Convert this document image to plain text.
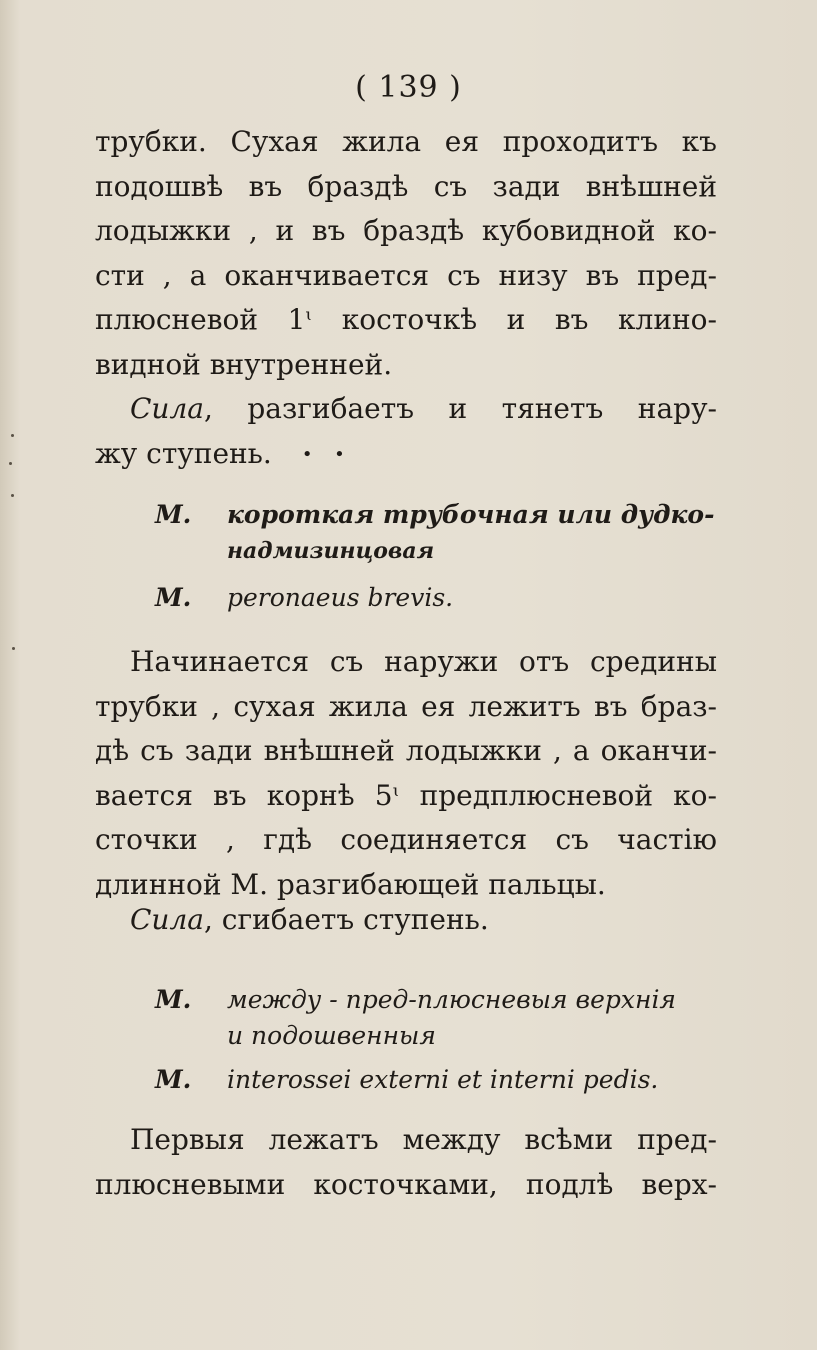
( 139 )
трубки. Сухая жила ея проходитъ къ
подошвѣ въ браздѣ съ зади внѣшней
лодыжки , и въ браздѣ кубовидной ко-
сти , а оканчивается съ низу въ пред-
плюсневой 1ᶥ косточкѣ и въ клино-
видной внутренней.
Сила, разгибаетъ и тянетъ нару-
жу ступень. • •
М. короткая трубочная или дудко-
надмизинцовая
М. peronaeus brevis.
Начинается съ наружи отъ средины
трубки , сухая жила ея лежитъ въ браз-
дѣ съ зади внѣшней лодыжки , а оканчи-
вается въ корнѣ 5ᶥ предплюсневой ко-
сточки , гдѣ соединяется съ частію
длинной М. разгибающей пальцы.
Сила, сгибаетъ ступень.
М. между - пред-плюсневыя верхнія
и подошвенныя
М. interossei externi et interni pedis.
Первыя лежатъ между всѣми пред-
плюсневыми косточками, подлѣ верх-
